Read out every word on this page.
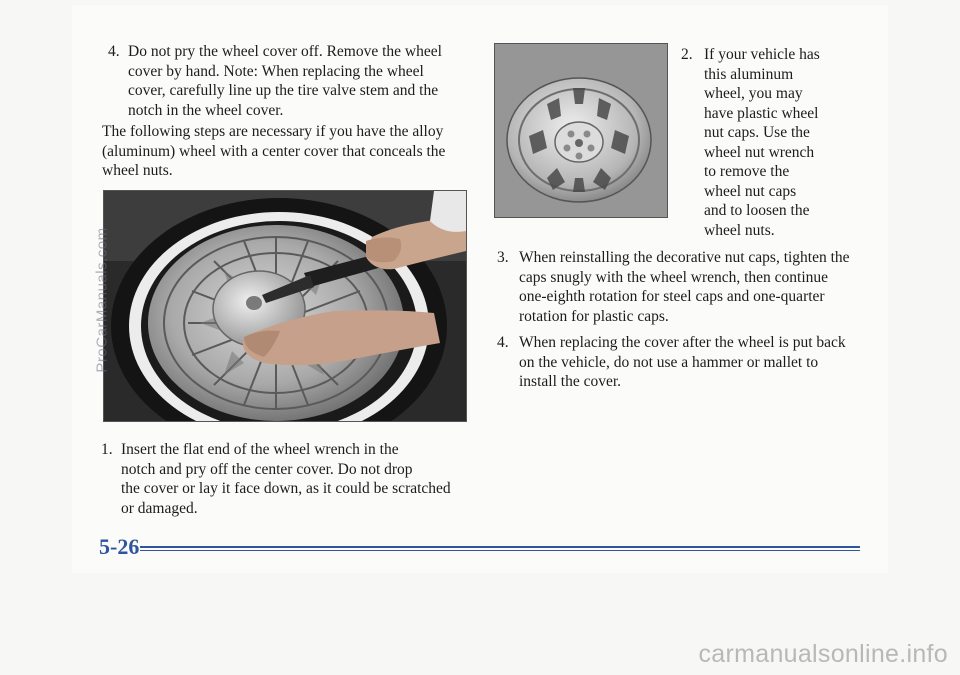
4. Do not pry the wheel cover off. Remove the wheel
cover by hand. Note: When replacing the wheel
cover, carefully line up the tire valve stem and the
notch in the wheel cover.
The following steps are necessary if you have the alloy
(aluminum) wheel with a center cover that conceals the
wheel nuts.
1. Insert the flat end of the wheel wrench in the
notch and pry off the center cover. Do not drop
the cover or lay it face down, as it could be scratched
or damaged.
2. If your vehicle has
this aluminum
wheel, you may
have plastic wheel
nut caps. Use the
wheel nut wrench
to remove the
wheel nut caps
and to loosen the
wheel nuts.
3. When reinstalling the decorative nut caps, tighten the
caps snugly with the wheel wrench, then continue
one-eighth rotation for steel caps and one-quarter
rotation for plastic caps.
4. When replacing the cover after the wheel is put back
on the vehicle, do not use a hammer or mallet to
install the cover.
ProCarManuals.com
5-26
carmanualsonline.info
